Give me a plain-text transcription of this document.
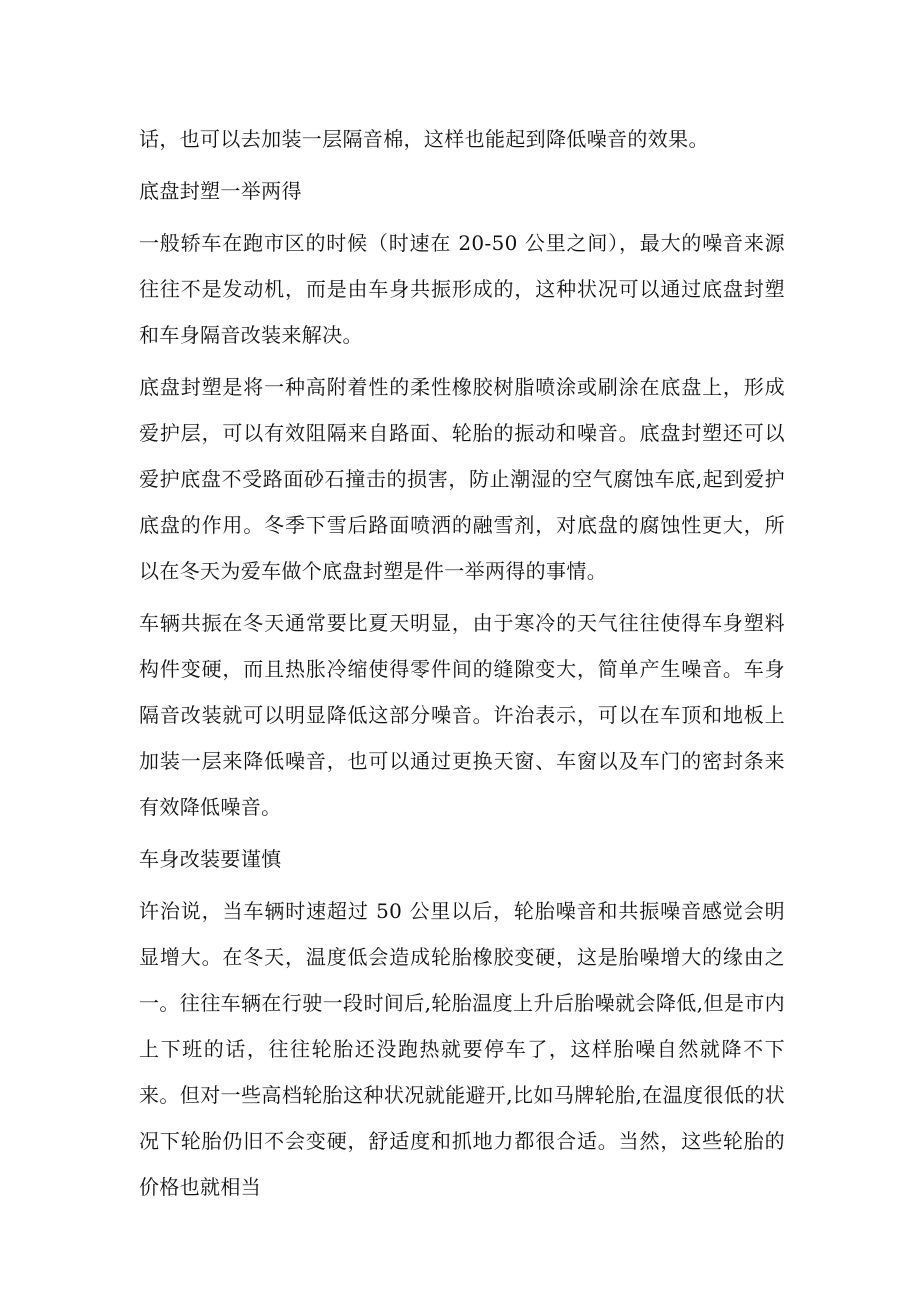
话，也可以去加装一层隔音棉，这样也能起到降低噪音的效果。

底盘封塑一举两得

一般轿车在跑市区的时候（时速在 20-50 公里之间），最大的噪音来源往往不是发动机，而是由车身共振形成的，这种状况可以通过底盘封塑和车身隔音改装来解决。

底盘封塑是将一种高附着性的柔性橡胶树脂喷涂或刷涂在底盘上，形成爱护层，可以有效阻隔来自路面、轮胎的振动和噪音。底盘封塑还可以爱护底盘不受路面砂石撞击的损害，防止潮湿的空气腐蚀车底,起到爱护底盘的作用。冬季下雪后路面喷洒的融雪剂，对底盘的腐蚀性更大，所以在冬天为爱车做个底盘封塑是件一举两得的事情。

车辆共振在冬天通常要比夏天明显，由于寒冷的天气往往使得车身塑料构件变硬，而且热胀冷缩使得零件间的缝隙变大，简单产生噪音。车身隔音改装就可以明显降低这部分噪音。许治表示，可以在车顶和地板上加装一层来降低噪音，也可以通过更换天窗、车窗以及车门的密封条来有效降低噪音。

车身改装要谨慎

许治说，当车辆时速超过 50 公里以后，轮胎噪音和共振噪音感觉会明显增大。在冬天，温度低会造成轮胎橡胶变硬，这是胎噪增大的缘由之一。往往车辆在行驶一段时间后,轮胎温度上升后胎噪就会降低,但是市内上下班的话，往往轮胎还没跑热就要停车了，这样胎噪自然就降不下来。但对一些高档轮胎这种状况就能避开,比如马牌轮胎,在温度很低的状况下轮胎仍旧不会变硬，舒适度和抓地力都很合适。当然，这些轮胎的价格也就相当
